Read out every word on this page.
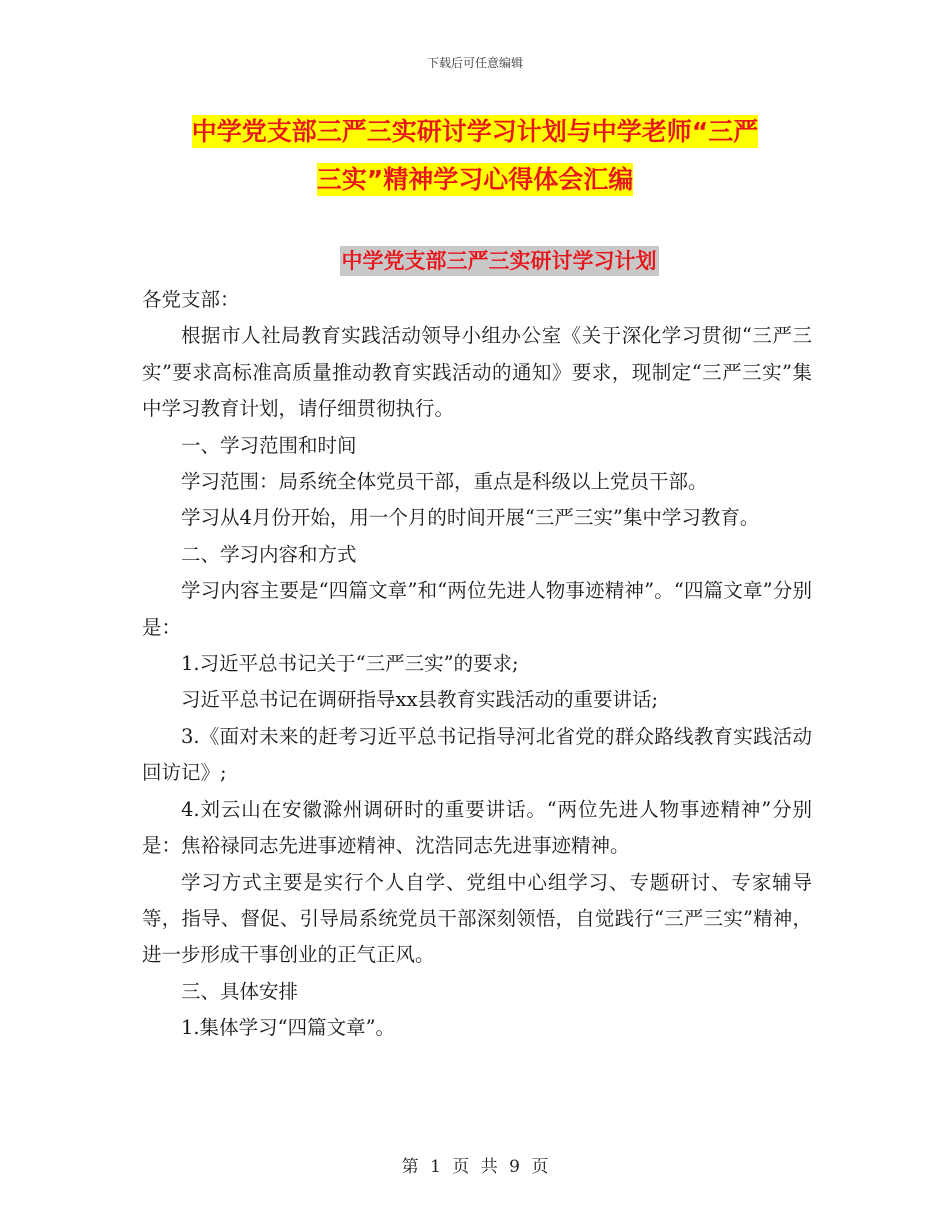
下载后可任意编辑
中学党支部三严三实研讨学习计划与中学老师“三严
三实”精神学习心得体会汇编
中学党支部三严三实研讨学习计划

各党支部：

根据市人社局教育实践活动领导小组办公室《关于深化学习贯彻“三严三实”要求高标准高质量推动教育实践活动的通知》要求，现制定“三严三实”集中学习教育计划，请仔细贯彻执行。

一、学习范围和时间

学习范围：局系统全体党员干部，重点是科级以上党员干部。

学习从4月份开始，用一个月的时间开展“三严三实”集中学习教育。

二、学习内容和方式

学习内容主要是“四篇文章”和“两位先进人物事迹精神”。“四篇文章”分别是：

1.习近平总书记关于“三严三实”的要求;

习近平总书记在调研指导xx县教育实践活动的重要讲话;

3.《面对未来的赶考习近平总书记指导河北省党的群众路线教育实践活动回访记》;

4.刘云山在安徽滁州调研时的重要讲话。“两位先进人物事迹精神”分别是：焦裕禄同志先进事迹精神、沈浩同志先进事迹精神。

学习方式主要是实行个人自学、党组中心组学习、专题研讨、专家辅导等，指导、督促、引导局系统党员干部深刻领悟，自觉践行“三严三实”精神，进一步形成干事创业的正气正风。

三、具体安排

1.集体学习“四篇文章”。

第 1 页 共 9 页
